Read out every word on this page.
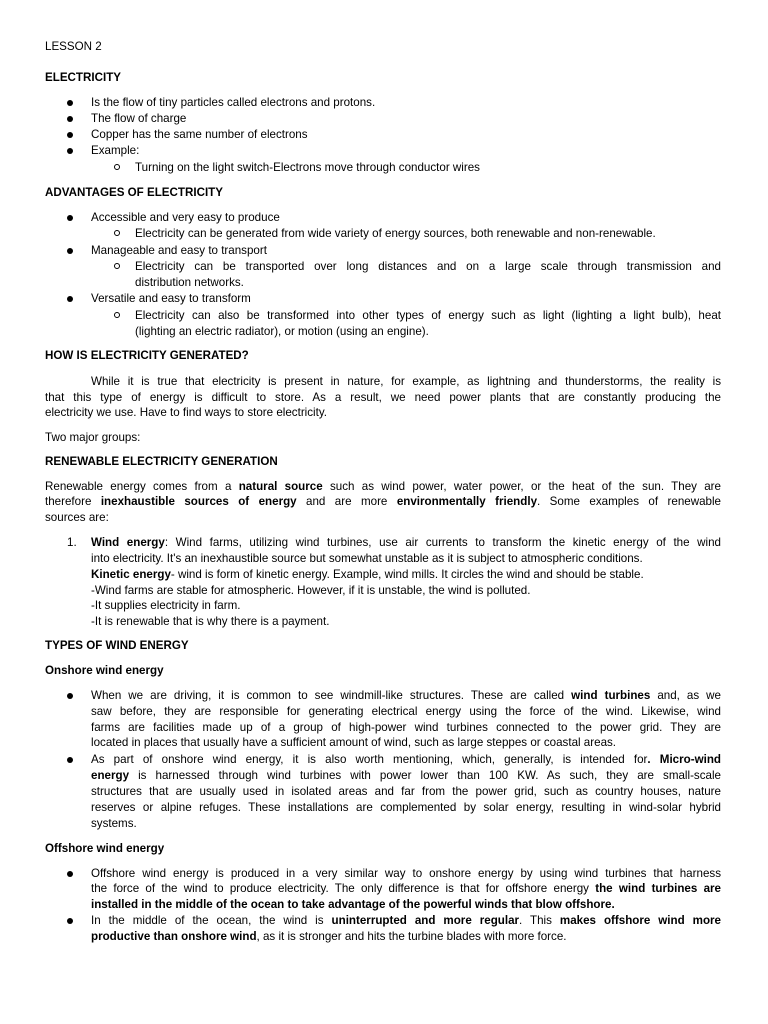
LESSON 2
ELECTRICITY
Is the flow of tiny particles called electrons and protons.
The flow of charge
Copper has the same number of electrons
Example:
Turning on the light switch-Electrons move through conductor wires
ADVANTAGES OF ELECTRICITY
Accessible and very easy to produce
Electricity can be generated from wide variety of energy sources, both renewable and non-renewable.
Manageable and easy to transport
Electricity can be transported over long distances and on a large scale through transmission and
distribution networks.
Versatile and easy to transform
Electricity can also be transformed into other types of energy such as light (lighting a light bulb), heat
(lighting an electric radiator), or motion (using an engine).
HOW IS ELECTRICITY GENERATED?
While it is true that electricity is present in nature, for example, as lightning and thunderstorms, the reality is
that this type of energy is difficult to store. As a result, we need power plants that are constantly producing the
electricity we use. Have to find ways to store electricity.
Two major groups:
RENEWABLE ELECTRICITY GENERATION
Renewable energy comes from a natural source such as wind power, water power, or the heat of the sun. They are
therefore inexhaustible sources of energy and are more environmentally friendly. Some examples of renewable
sources are:
1. Wind energy: Wind farms, utilizing wind turbines, use air currents to transform the kinetic energy of the wind
into electricity. It's an inexhaustible source but somewhat unstable as it is subject to atmospheric conditions.
Kinetic energy- wind is form of kinetic energy. Example, wind mills. It circles the wind and should be stable.
-Wind farms are stable for atmospheric. However, if it is unstable, the wind is polluted.
-It supplies electricity in farm.
-It is renewable that is why there is a payment.
TYPES OF WIND ENERGY
Onshore wind energy
When we are driving, it is common to see windmill-like structures. These are called wind turbines and, as we
saw before, they are responsible for generating electrical energy using the force of the wind. Likewise, wind
farms are facilities made up of a group of high-power wind turbines connected to the power grid. They are
located in places that usually have a sufficient amount of wind, such as large steppes or coastal areas.
As part of onshore wind energy, it is also worth mentioning, which, generally, is intended for. Micro-wind
energy is harnessed through wind turbines with power lower than 100 KW. As such, they are small-scale
structures that are usually used in isolated areas and far from the power grid, such as country houses, nature
reserves or alpine refuges. These installations are complemented by solar energy, resulting in wind-solar hybrid
systems.
Offshore wind energy
Offshore wind energy is produced in a very similar way to onshore energy by using wind turbines that harness
the force of the wind to produce electricity. The only difference is that for offshore energy the wind turbines are
installed in the middle of the ocean to take advantage of the powerful winds that blow offshore.
In the middle of the ocean, the wind is uninterrupted and more regular. This makes offshore wind more
productive than onshore wind, as it is stronger and hits the turbine blades with more force.
